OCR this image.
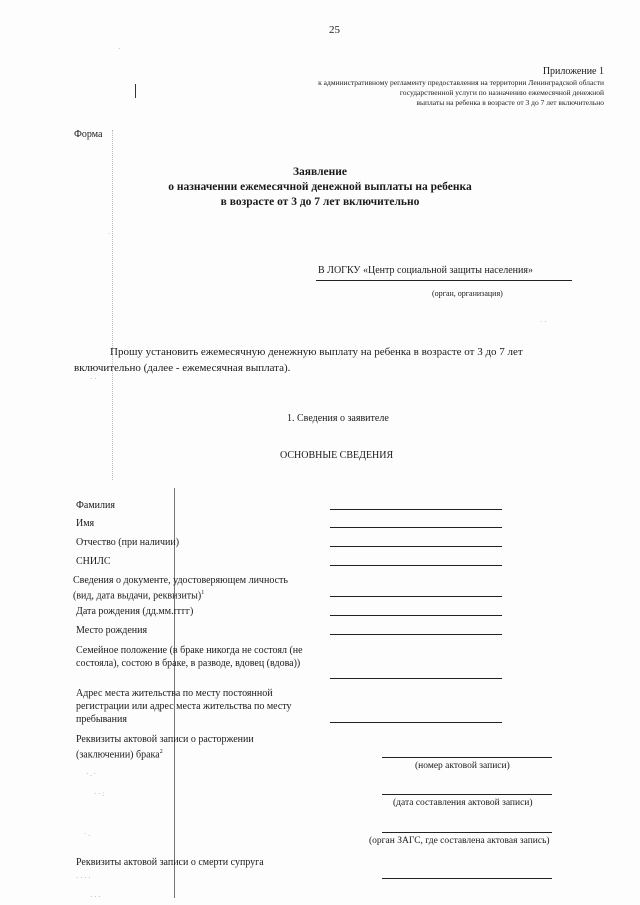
·
·
· ·
· ·
· . ·
· · :
· .
· · · ·
· · ·
25
Приложение 1
к административному регламенту предоставления на территории Ленинградской области
государственной услуги по назначению ежемесячной денежной
выплаты на ребенка в возрасте от 3 до 7 лет включительно
Форма
Заявление
о назначении ежемесячной денежной выплаты на ребенка
в возрасте от 3 до 7 лет включительно
В ЛОГКУ «Центр социальной защиты населения»
(орган, организация)
Прошу установить ежемесячную денежную выплату на ребенка в возрасте от 3 до 7 лет
включительно (далее - ежемесячная выплата).
1. Сведения о заявителе
ОСНОВНЫЕ СВЕДЕНИЯ
Фамилия
Имя
Отчество (при наличии)
СНИЛС
Сведения о документе, удостоверяющем личность
(вид, дата выдачи, реквизиты)$^1$
Дата рождения (дд.мм.гггг)
Место рождения
Семейное положение (в браке никогда не состоял (не
состояла), состою в браке, в разводе, вдовец (вдова))
Адрес места жительства по месту постоянной
регистрации или адрес места жительства по месту
пребывания
Реквизиты актовой записи о расторжении
(заключении) брака$^2$
(номер актовой записи)
(дата составления актовой записи)
(орган ЗАГС, где составлена актовая запись)
Реквизиты актовой записи о смерти супруга
